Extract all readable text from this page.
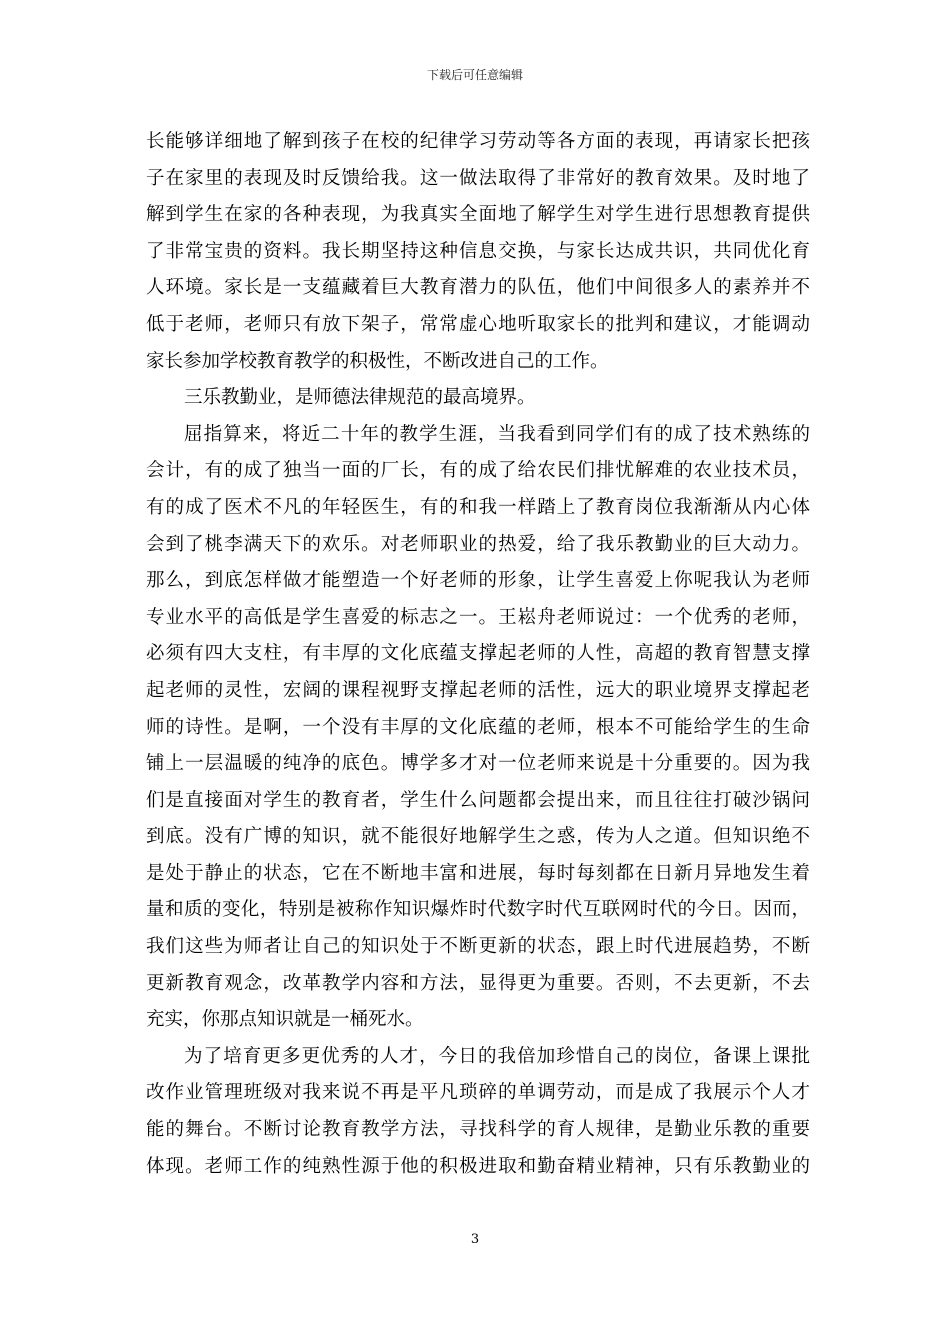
下载后可任意编辑
长能够详细地了解到孩子在校的纪律学习劳动等各方面的表现，再请家长把孩
子在家里的表现及时反馈给我。这一做法取得了非常好的教育效果。及时地了
解到学生在家的各种表现，为我真实全面地了解学生对学生进行思想教育提供
了非常宝贵的资料。我长期坚持这种信息交换，与家长达成共识，共同优化育
人环境。家长是一支蕴藏着巨大教育潜力的队伍，他们中间很多人的素养并不
低于老师，老师只有放下架子，常常虚心地听取家长的批判和建议，才能调动
家长参加学校教育教学的积极性，不断改进自己的工作。
三乐教勤业，是师德法律规范的最高境界。
屈指算来，将近二十年的教学生涯，当我看到同学们有的成了技术熟练的
会计，有的成了独当一面的厂长，有的成了给农民们排忧解难的农业技术员，
有的成了医术不凡的年轻医生，有的和我一样踏上了教育岗位我渐渐从内心体
会到了桃李满天下的欢乐。对老师职业的热爱，给了我乐教勤业的巨大动力。
那么，到底怎样做才能塑造一个好老师的形象，让学生喜爱上你呢我认为老师
专业水平的高低是学生喜爱的标志之一。王崧舟老师说过：一个优秀的老师，
必须有四大支柱，有丰厚的文化底蕴支撑起老师的人性，高超的教育智慧支撑
起老师的灵性，宏阔的课程视野支撑起老师的活性，远大的职业境界支撑起老
师的诗性。是啊，一个没有丰厚的文化底蕴的老师，根本不可能给学生的生命
铺上一层温暖的纯净的底色。博学多才对一位老师来说是十分重要的。因为我
们是直接面对学生的教育者，学生什么问题都会提出来，而且往往打破沙锅问
到底。没有广博的知识，就不能很好地解学生之惑，传为人之道。但知识绝不
是处于静止的状态，它在不断地丰富和进展，每时每刻都在日新月异地发生着
量和质的变化，特别是被称作知识爆炸时代数字时代互联网时代的今日。因而，
我们这些为师者让自己的知识处于不断更新的状态，跟上时代进展趋势，不断
更新教育观念，改革教学内容和方法，显得更为重要。否则，不去更新，不去
充实，你那点知识就是一桶死水。
为了培育更多更优秀的人才，今日的我倍加珍惜自己的岗位，备课上课批
改作业管理班级对我来说不再是平凡琐碎的单调劳动，而是成了我展示个人才
能的舞台。不断讨论教育教学方法，寻找科学的育人规律，是勤业乐教的重要
体现。老师工作的纯熟性源于他的积极进取和勤奋精业精神，只有乐教勤业的
3
